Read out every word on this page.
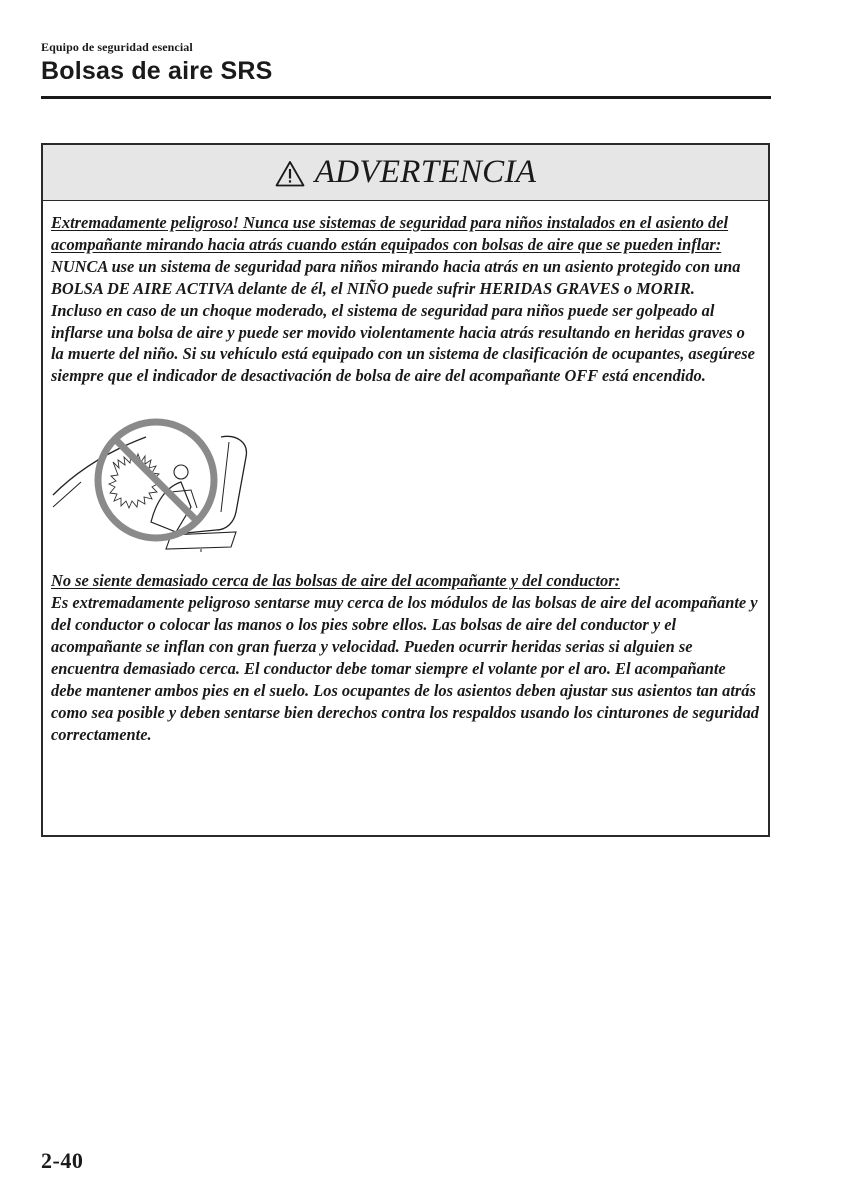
Equipo de seguridad esencial
Bolsas de aire SRS
ADVERTENCIA

Extremadamente peligroso! Nunca use sistemas de seguridad para niños instalados en el asiento del acompañante mirando hacia atrás cuando están equipados con bolsas de aire que se pueden inflar:

NUNCA use un sistema de seguridad para niños mirando hacia atrás en un asiento protegido con una BOLSA DE AIRE ACTIVA delante de él, el NIÑO puede sufrir HERIDAS GRAVES o MORIR.

Incluso en caso de un choque moderado, el sistema de seguridad para niños puede ser golpeado al inflarse una bolsa de aire y puede ser movido violentamente hacia atrás resultando en heridas graves o la muerte del niño. Si su vehículo está equipado con un sistema de clasificación de ocupantes, asegúrese siempre que el indicador de desactivación de bolsa de aire del acompañante OFF está encendido.

No se siente demasiado cerca de las bolsas de aire del acompañante y del conductor:

Es extremadamente peligroso sentarse muy cerca de los módulos de las bolsas de aire del acompañante y del conductor o colocar las manos o los pies sobre ellos. Las bolsas de aire del conductor y el acompañante se inflan con gran fuerza y velocidad. Pueden ocurrir heridas serias si alguien se encuentra demasiado cerca. El conductor debe tomar siempre el volante por el aro. El acompañante debe mantener ambos pies en el suelo. Los ocupantes de los asientos deben ajustar sus asientos tan atrás como sea posible y deben sentarse bien derechos contra los respaldos usando los cinturones de seguridad correctamente.

2-40
